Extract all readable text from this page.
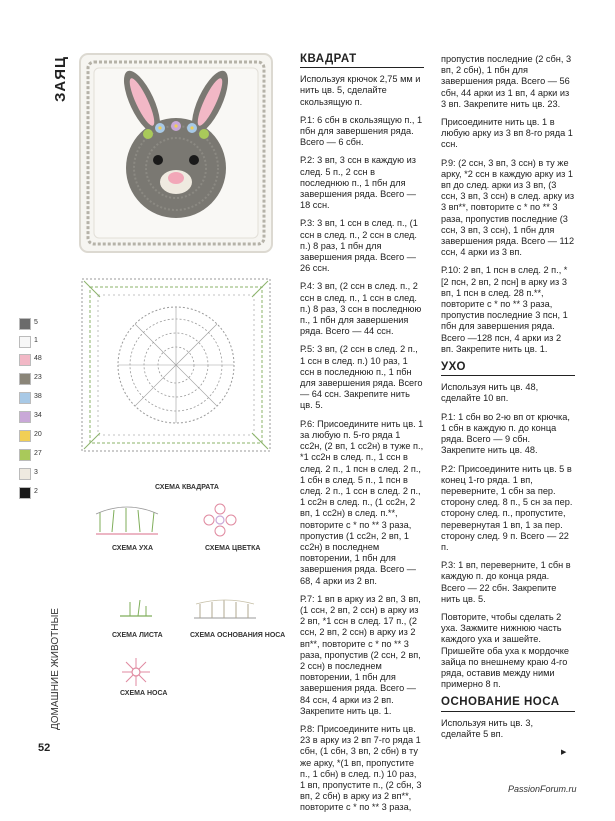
ЗАЯЦ
ДОМАШНИЕ ЖИВОТНЫЕ
52
СХЕМА КВАДРАТА
5
1
48
23
38
34
20
27
3
2
СХЕМА УХА	СХЕМА ЦВЕТКА
СХЕМА ЛИСТА	СХЕМА ОСНОВАНИЯ НОСА
СХЕМА НОСА
КВАДРАТ

Используя крючок 2,75 мм и нить цв. 5, сделайте скользящую п.

Р.1: 6 сбн в скользящую п., 1 пбн для завершения ряда. Всего — 6 сбн.

Р.2: 3 вп, 3 ссн в каждую из след. 5 п., 2 ссн в последнюю п., 1 пбн для завершения ряда. Всего — 18 ссн.

Р.3: 3 вп, 1 ссн в след. п., (1 ссн в след. п., 2 ссн в след. п.) 8 раз, 1 пбн для завершения ряда. Всего — 26 ссн.

Р.4: 3 вп, (2 ссн в след. п., 2 ссн в след. п., 1 ссн в след. п.) 8 раз, 3 ссн в последнюю п., 1 пбн для завершения ряда. Всего — 44 ссн.

Р.5: 3 вп, (2 ссн в след. 2 п., 1 ссн в след. п.) 10 раз, 1 ссн в последнюю п., 1 пбн для завершения ряда. Всего — 64 ссн. Закрепите нить цв. 5.

Р.6: Присоедините нить цв. 1 за любую п. 5-го ряда 1 сс2н, (2 вп, 1 сс2н) в туже п., *1 сс2н в след. п., 1 ссн в след. 2 п., 1 псн в след. 2 п., 1 сбн в след. 5 п., 1 псн в след. 2 п., 1 ссн в след. 2 п., 1 сс2н в след. п., (1 сс2н, 2 вп, 1 сс2н) в след. п.**, повторите с * по ** 3 раза, пропустив (1 сс2н, 2 вп, 1 сс2н) в последнем повторении, 1 пбн для завершения ряда. Всего — 68, 4 арки из 2 вп.

Р.7: 1 вп в арку из 2 вп, 3 вп, (1 ссн, 2 вп, 2 ссн) в арку из 2 вп, *1 ссн в след. 17 п., (2 ссн, 2 вп, 2 ссн) в арку из 2 вп**, повторите с * по ** 3 раза, пропустив (2 ссн, 2 вп, 2 ссн) в последнем повторении, 1 пбн для завершения ряда. Всего — 84 ссн, 4 арки из 2 вп. Закрепите нить цв. 1.

Р.8: Присоедините нить цв. 23 в арку из 2 вп 7-го ряда 1 сбн, (1 сбн, 3 вп, 2 сбн) в ту же арку, *(1 вп, пропустите п., 1 сбн) в след. п.) 10 раз, 1 вп, пропустите п., (2 сбн, 3 вп, 2 сбн) в арку из 2 вп**, повторите с * по ** 3 раза,

пропустив последние (2 сбн, 3 вп, 2 сбн), 1 пбн для завершения ряда. Всего — 56 сбн, 44 арки из 1 вп, 4 арки из 3 вп. Закрепите нить цв. 23.

Присоедините нить цв. 1 в любую арку из 3 вп 8-го ряда 1 ссн.

Р.9: (2 ссн, 3 вп, 3 ссн) в ту же арку, *2 ссн в каждую арку из 1 вп до след. арки из 3 вп, (3 ссн, 3 вп, 3 ссн) в след. арку из 3 вп**, повторите с * по ** 3 раза, пропустив последние (3 ссн, 3 вп, 3 ссн), 1 пбн для завершения ряда. Всего — 112 ссн, 4 арки из 3 вп.

Р.10: 2 вп, 1 псн в след. 2 п., *[2 псн, 2 вп, 2 псн] в арку из 3 вп, 1 псн в след. 28 п.**, повторите с * по ** 3 раза, пропустив последние 3 псн, 1 пбн для завершения ряда. Всего —128 псн, 4 арки из 2 вп. Закрепите нить цв. 1.

УХО

Используя нить цв. 48, сделайте 10 вп.

Р.1: 1 сбн во 2-ю вп от крючка, 1 сбн в каждую п. до конца ряда. Всего — 9 сбн. Закрепите нить цв. 48.

Р.2: Присоедините нить цв. 5 в конец 1-го ряда. 1 вп, переверните, 1 сбн за пер. сторону след. 8 п., 5 сн за пер. сторону след. п., пропустите, перевернутая 1 вп, 1 за пер. сторону след. 9 п. Всего — 22 п.

Р.3: 1 вп, переверните, 1 сбн в каждую п. до конца ряда. Всего — 22 сбн. Закрепите нить цв. 5.

Повторите, чтобы сделать 2 уха. Зажмите нижнюю часть каждого уха и зашейте. Пришейте оба уха к мордочке зайца по внешнему краю 4-го ряда, оставив между ними примерно 8 п.

ОСНОВАНИЕ НОСА

Используя нить цв. 3, сделайте 5 вп.

▶
PassionForum.ru
